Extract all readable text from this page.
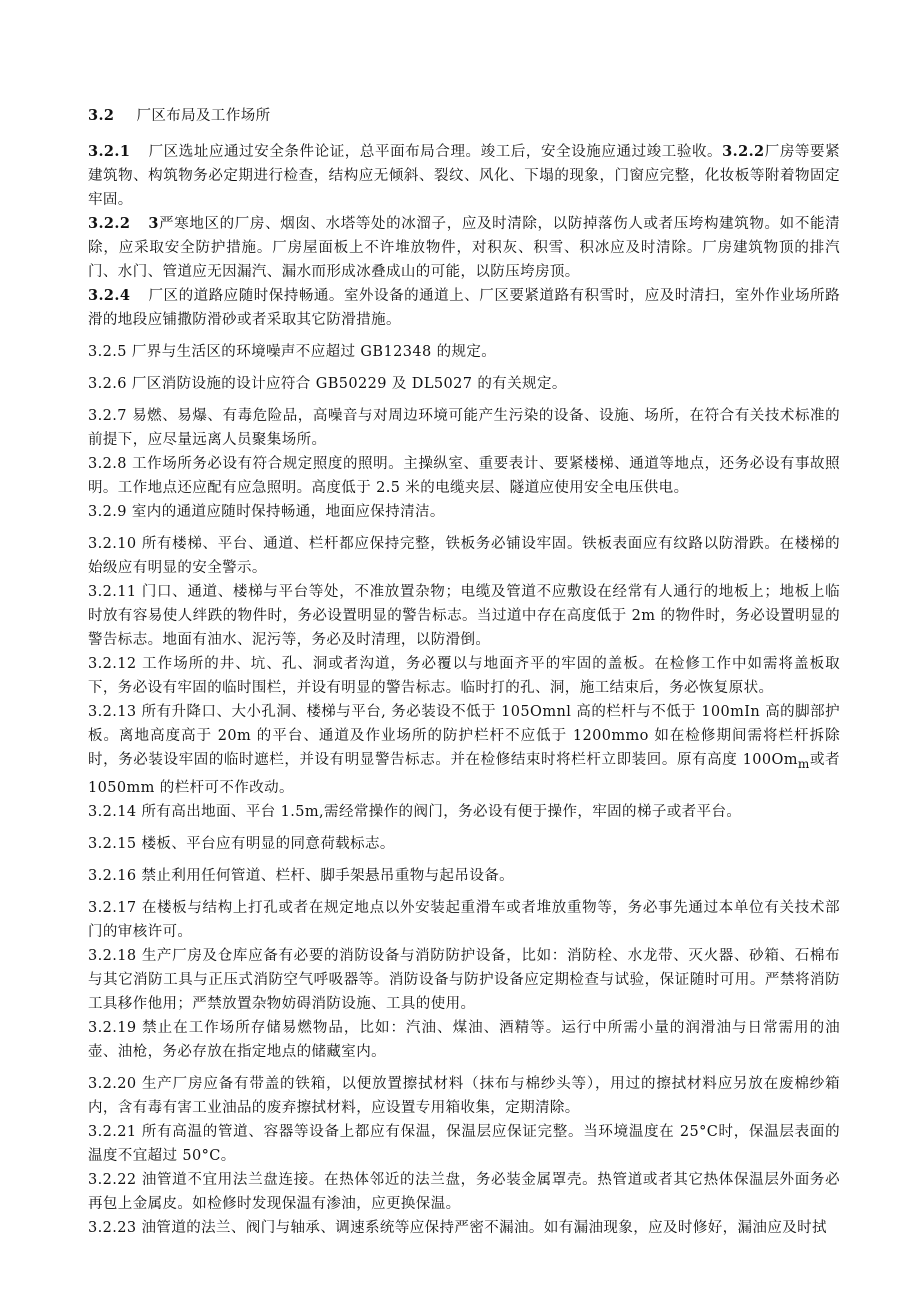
3.2 厂区布局及工作场所

3.2.1 厂区选址应通过安全条件论证，总平面布局合理。竣工后，安全设施应通过竣工验收。3.2.2厂房等要紧建筑物、构筑物务必定期进行检查，结构应无倾斜、裂纹、风化、下塌的现象，门窗应完整，化妆板等附着物固定牢固。

3.2.2 3严寒地区的厂房、烟囱、水塔等处的冰溜子，应及时清除，以防掉落伤人或者压垮构建筑物。如不能清除，应采取安全防护措施。厂房屋面板上不许堆放物件，对积灰、积雪、积冰应及时清除。厂房建筑物顶的排汽门、水门、管道应无因漏汽、漏水而形成冰叠成山的可能，以防压垮房顶。

3.2.4 厂区的道路应随时保持畅通。室外设备的通道上、厂区要紧道路有积雪时，应及时清扫，室外作业场所路滑的地段应铺撒防滑砂或者采取其它防滑措施。

3.2.5 厂界与生活区的环境噪声不应超过 GB12348 的规定。

3.2.6 厂区消防设施的设计应符合 GB50229 及 DL5027 的有关规定。

3.2.7 易燃、易爆、有毒危险品，高噪音与对周边环境可能产生污染的设备、设施、场所，在符合有关技术标准的前提下，应尽量远离人员聚集场所。

3.2.8 工作场所务必设有符合规定照度的照明。主操纵室、重要表计、要紧楼梯、通道等地点，还务必设有事故照明。工作地点还应配有应急照明。高度低于 2.5 米的电缆夹层、隧道应使用安全电压供电。

3.2.9 室内的通道应随时保持畅通，地面应保持清洁。

3.2.10 所有楼梯、平台、通道、栏杆都应保持完整，铁板务必铺设牢固。铁板表面应有纹路以防滑跌。在楼梯的始级应有明显的安全警示。

3.2.11 门口、通道、楼梯与平台等处，不准放置杂物；电缆及管道不应敷设在经常有人通行的地板上；地板上临时放有容易使人绊跌的物件时，务必设置明显的警告标志。当过道中存在高度低于 2m 的物件时，务必设置明显的警告标志。地面有油水、泥污等，务必及时清理，以防滑倒。

3.2.12 工作场所的井、坑、孔、洞或者沟道，务必覆以与地面齐平的牢固的盖板。在检修工作中如需将盖板取下，务必设有牢固的临时围栏，并设有明显的警告标志。临时打的孔、洞，施工结束后，务必恢复原状。

3.2.13 所有升降口、大小孔洞、楼梯与平台, 务必装设不低于 105Omnl 高的栏杆与不低于 100mIn 高的脚部护板。离地高度高于 20m 的平台、通道及作业场所的防护栏杆不应低于 1200mmo 如在检修期间需将栏杆拆除时，务必装设牢固的临时遮栏，并设有明显警告标志。并在检修结束时将栏杆立即装回。原有高度 $100Om_m$或者 1050mm 的栏杆可不作改动。

3.2.14 所有高出地面、平台 1.5m,需经常操作的阀门，务必设有便于操作，牢固的梯子或者平台。

3.2.15 楼板、平台应有明显的同意荷载标志。

3.2.16 禁止利用任何管道、栏杆、脚手架悬吊重物与起吊设备。

3.2.17 在楼板与结构上打孔或者在规定地点以外安装起重滑车或者堆放重物等，务必事先通过本单位有关技术部门的审核许可。

3.2.18 生产厂房及仓库应备有必要的消防设备与消防防护设备，比如：消防栓、水龙带、灭火器、砂箱、石棉布与其它消防工具与正压式消防空气呼吸器等。消防设备与防护设备应定期检查与试验，保证随时可用。严禁将消防工具移作他用；严禁放置杂物妨碍消防设施、工具的使用。

3.2.19 禁止在工作场所存储易燃物品，比如：汽油、煤油、酒精等。运行中所需小量的润滑油与日常需用的油壶、油枪，务必存放在指定地点的储藏室内。

3.2.20 生产厂房应备有带盖的铁箱，以便放置擦拭材料（抹布与棉纱头等），用过的擦拭材料应另放在废棉纱箱内，含有毒有害工业油品的废弃擦拭材料，应设置专用箱收集，定期清除。

3.2.21 所有高温的管道、容器等设备上都应有保温，保温层应保证完整。当环境温度在 25°C时，保温层表面的温度不宜超过 50°C。

3.2.22 油管道不宜用法兰盘连接。在热体邻近的法兰盘，务必装金属罩壳。热管道或者其它热体保温层外面务必再包上金属皮。如检修时发现保温有渗油，应更换保温。

3.2.23 油管道的法兰、阀门与轴承、调速系统等应保持严密不漏油。如有漏油现象，应及时修好，漏油应及时拭
